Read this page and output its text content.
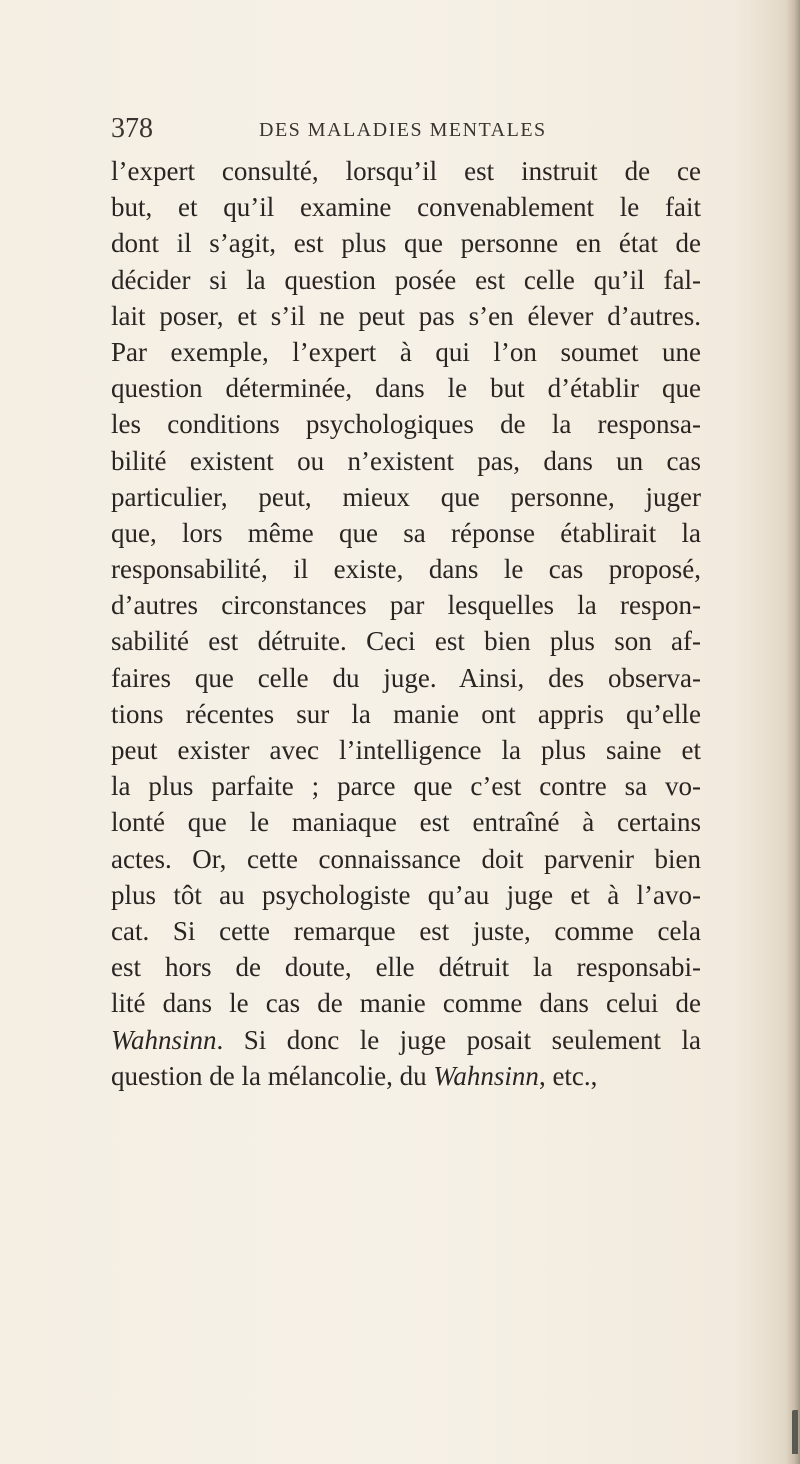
378	DES MALADIES MENTALES
l’expert consulté, lorsqu’il est instruit de ce
but, et qu’il examine convenablement le fait
dont il s’agit, est plus que personne en état de
décider si la question posée est celle qu’il fal-
lait poser, et s’il ne peut pas s’en élever d’autres.
Par exemple, l’expert à qui l’on soumet une
question déterminée, dans le but d’établir que
les conditions psychologiques de la responsa-
bilité existent ou n’existent pas, dans un cas
particulier, peut, mieux que personne, juger
que, lors même que sa réponse établirait la
responsabilité, il existe, dans le cas proposé,
d’autres circonstances par lesquelles la respon-
sabilité est détruite. Ceci est bien plus son af-
faires que celle du juge. Ainsi, des observa-
tions récentes sur la manie ont appris qu’elle
peut exister avec l’intelligence la plus saine et
la plus parfaite ; parce que c’est contre sa vo-
lonté que le maniaque est entraîné à certains
actes. Or, cette connaissance doit parvenir bien
plus tôt au psychologiste qu’au juge et à l’avo-
cat. Si cette remarque est juste, comme cela
est hors de doute, elle détruit la responsabi-
lité dans le cas de manie comme dans celui de
Wahnsinn. Si donc le juge posait seulement la
question de la mélancolie, du Wahnsinn, etc.,
